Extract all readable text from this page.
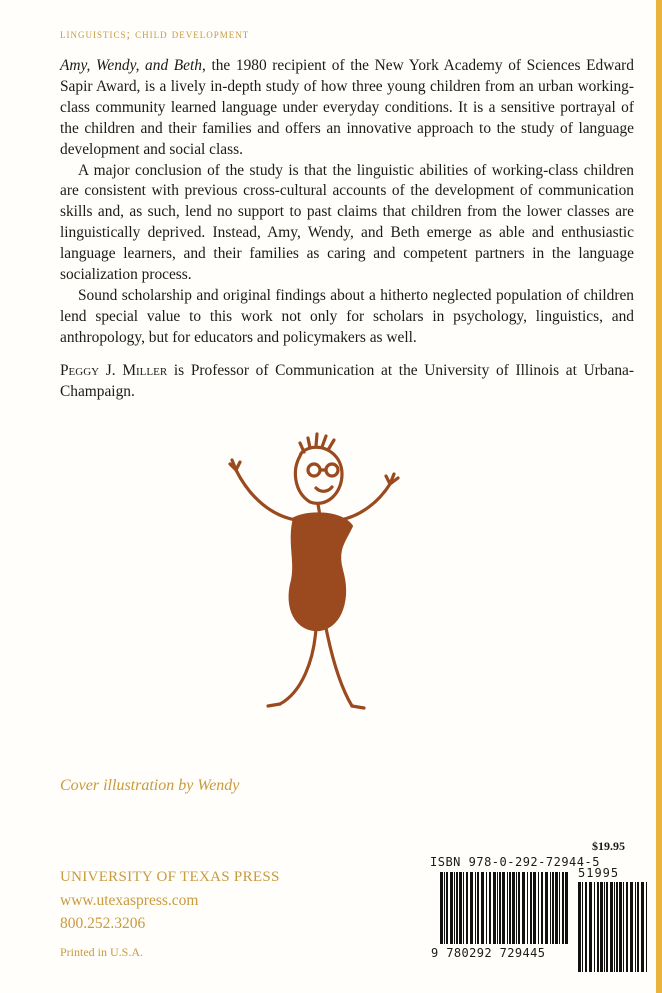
linguistics; child development

Amy, Wendy, and Beth, the 1980 recipient of the New York Academy of Sciences Edward Sapir Award, is a lively in-depth study of how three young children from an urban working-class community learned language under everyday conditions. It is a sensitive portrayal of the children and their families and offers an innovative approach to the study of language development and social class.

A major conclusion of the study is that the linguistic abilities of working-class children are consistent with previous cross-cultural accounts of the development of communication skills and, as such, lend no support to past claims that children from the lower classes are linguistically deprived. Instead, Amy, Wendy, and Beth emerge as able and enthusiastic language learners, and their families as caring and competent partners in the language socialization process.

Sound scholarship and original findings about a hitherto neglected population of children lend special value to this work not only for scholars in psychology, linguistics, and anthropology, but for educators and policymakers as well.

Peggy J. Miller is Professor of Communication at the University of Illinois at Urbana-Champaign.

Cover illustration by Wendy
UNIVERSITY OF TEXAS PRESS
www.utexaspress.com
800.252.3206
Printed in U.S.A.
$19.95
ISBN 978-0-292-72944-5
9 780292 729445
51995
